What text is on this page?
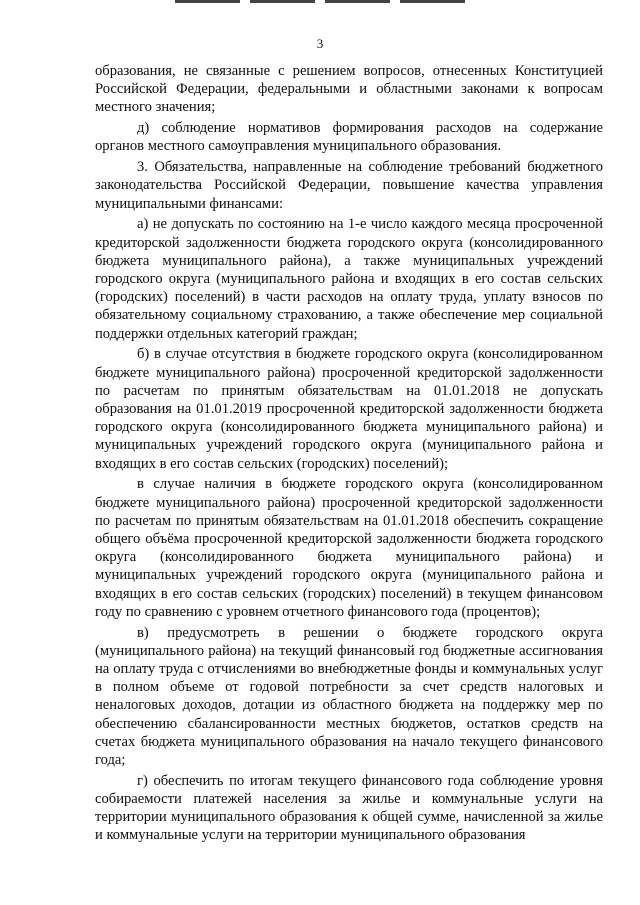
3

образования, не связанные с решением вопросов, отнесенных Конституцией Российской Федерации, федеральными и областными законами к вопросам местного значения;

д) соблюдение нормативов формирования расходов на содержание органов местного самоуправления муниципального образования.

3. Обязательства, направленные на соблюдение требований бюджетного законодательства Российской Федерации, повышение качества управления муниципальными финансами:

а) не допускать по состоянию на 1-е число каждого месяца просроченной кредиторской задолженности бюджета городского округа (консолидированного бюджета муниципального района), а также муниципальных учреждений городского округа (муниципального района и входящих в его состав сельских (городских) поселений) в части расходов на оплату труда, уплату взносов по обязательному социальному страхованию, а также обеспечение мер социальной поддержки отдельных категорий граждан;

б) в случае отсутствия в бюджете городского округа (консолидированном бюджете муниципального района) просроченной кредиторской задолженности по расчетам по принятым обязательствам на 01.01.2018 не допускать образования на 01.01.2019 просроченной кредиторской задолженности бюджета городского округа (консолидированного бюджета муниципального района) и муниципальных учреждений городского округа (муниципального района и входящих в его состав сельских (городских) поселений);

в случае наличия в бюджете городского округа (консолидированном бюджете муниципального района) просроченной кредиторской задолженности по расчетам по принятым обязательствам на 01.01.2018 обеспечить сокращение общего объёма просроченной кредиторской задолженности бюджета городского округа (консолидированного бюджета муниципального района) и муниципальных учреждений городского округа (муниципального района и входящих в его состав сельских (городских) поселений) в текущем финансовом году по сравнению с уровнем отчетного финансового года (процентов);

в) предусмотреть в решении о бюджете городского округа (муниципального района) на текущий финансовый год бюджетные ассигнования на оплату труда с отчислениями во внебюджетные фонды и коммунальных услуг в полном объеме от годовой потребности за счет средств налоговых и неналоговых доходов, дотации из областного бюджета на поддержку мер по обеспечению сбалансированности местных бюджетов, остатков средств на счетах бюджета муниципального образования на начало текущего финансового года;

г) обеспечить по итогам текущего финансового года соблюдение уровня собираемости платежей населения за жилье и коммунальные услуги на территории муниципального образования к общей сумме, начисленной за жилье и коммунальные услуги на территории муниципального образования
